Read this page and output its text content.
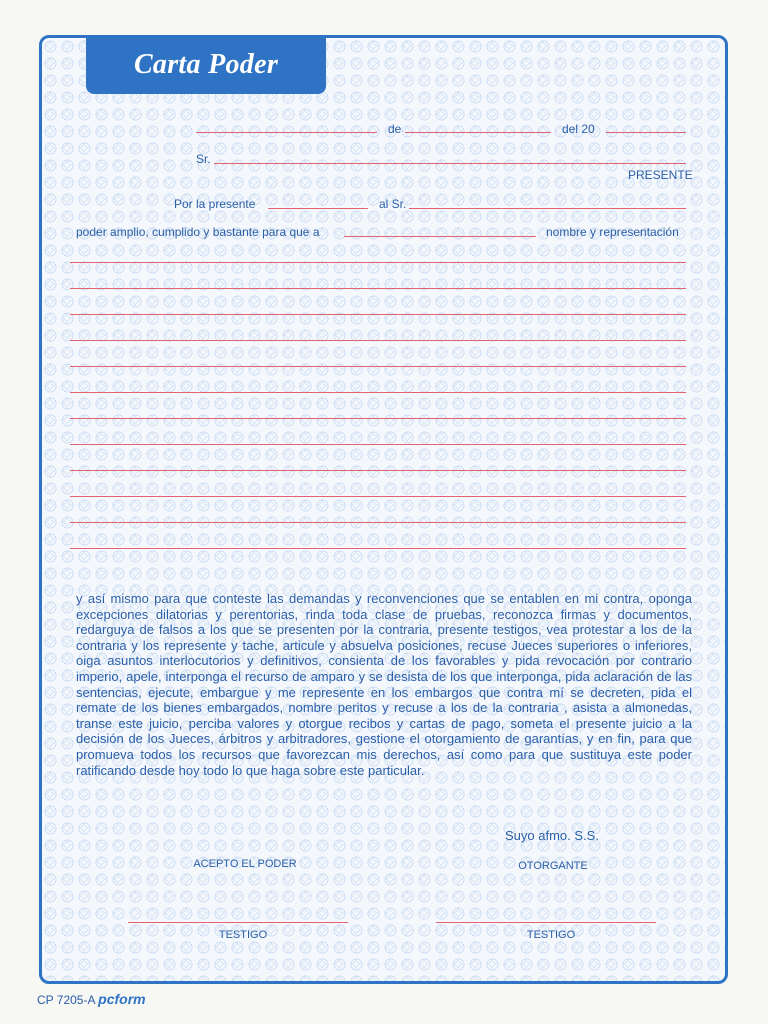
Carta Poder
de	del 20
Sr.
PRESENTE
Por la presente	al Sr.
poder amplio, cumplido y bastante para que a	nombre y representación
y así mismo para que conteste las demandas y reconvenciones que se entablen en mi contra, oponga excepciones dilatorias y perentorias, rinda toda clase de pruebas, reconozca firmas y documentos, redarguya de falsos a los que se presenten por la contraria, presente testigos, vea protestar a los de la contraria y los represente y tache, articule y absuelva posiciones, recuse Jueces superiores o inferiores, oiga asuntos interlocutorios y definitivos, consienta de los favorables y pida revocación por contrario imperio, apele, interponga el recurso de amparo y se desista de los que interponga, pida aclaración de las sentencias, ejecute, embargue y me represente en los embargos que contra mí se decreten, pida el remate de los bienes embargados, nombre peritos y recuse a los de la contraria , asista a almonedas, transe este juicio, perciba valores y otorgue recibos y cartas de pago, someta el presente juicio a la decisión de los Jueces, árbitros y arbitradores, gestione el otorgamiento de garantías, y en fin, para que promueva todos los recursos que favorezcan mis derechos, así como para que sustituya este poder ratificando desde hoy todo lo que haga sobre este particular.
Suyo afmo. S.S.
ACEPTO EL PODER	OTORGANTE
TESTIGO	TESTIGO
CP 7205-A pcform
